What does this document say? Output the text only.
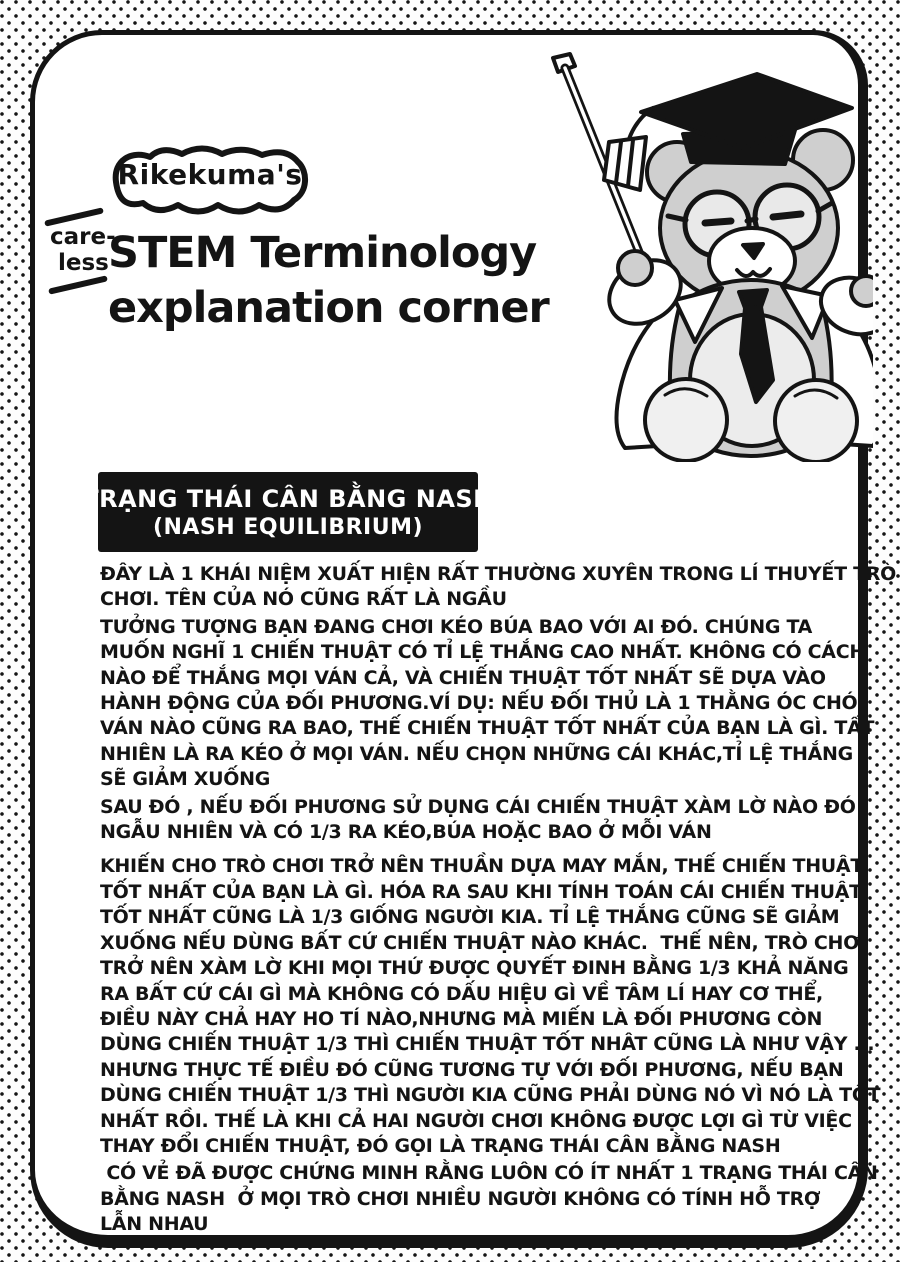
Rikekuma's
care-
less STEM Terminology
explanation corner
TRẠNG THÁI CÂN BẰNG NASH
(NASH EQUILIBRIUM)
ĐÂY LÀ 1 KHÁI NIỆM XUẤT HIỆN RẤT THƯỜNG XUYÊN TRONG LÍ THUYẾT TRÒ
CHƠI. TÊN CỦA NÓ CŨNG RẤT LÀ NGẦU
TƯỞNG TƯỢNG BẠN ĐANG CHƠI KÉO BÚA BAO VỚI AI ĐÓ. CHÚNG TA
MUỐN NGHĨ 1 CHIẾN THUẬT CÓ TỈ LỆ THẮNG CAO NHẤT. KHÔNG CÓ CÁCH
NÀO ĐỂ THẮNG MỌI VÁN CẢ, VÀ CHIẾN THUẬT TỐT NHẤT SẼ DỰA VÀO
HÀNH ĐỘNG CỦA ĐỐI PHƯƠNG.VÍ DỤ: NẾU ĐỐI THỦ LÀ 1 THẰNG ÓC CHÓ,
VÁN NÀO CŨNG RA BAO, THẾ CHIẾN THUẬT TỐT NHẤT CỦA BẠN LÀ GÌ. TẤT
NHIÊN LÀ RA KÉO Ở MỌI VÁN. NẾU CHỌN NHỮNG CÁI KHÁC,TỈ LỆ THẮNG
SẼ GIẢM XUỐNG
SAU ĐÓ , NẾU ĐỐI PHƯƠNG SỬ DỤNG CÁI CHIẾN THUẬT XÀM LỜ NÀO ĐÓ
NGẪU NHIÊN VÀ CÓ 1/3 RA KÉO,BÚA HOẶC BAO Ở MỖI VÁN
KHIẾN CHO TRÒ CHƠI TRỞ NÊN THUẦN DỰA MAY MẮN, THẾ CHIẾN THUẬT
TỐT NHẤT CỦA BẠN LÀ GÌ. HÓA RA SAU KHI TÍNH TOÁN CÁI CHIẾN THUẬT
TỐT NHẤT CŨNG LÀ 1/3 GIỐNG NGƯỜI KIA. TỈ LỆ THẮNG CŨNG SẼ GIẢM
XUỐNG NẾU DÙNG BẤT CỨ CHIẾN THUẬT NÀO KHÁC.  THẾ NÊN, TRÒ CHƠI
TRỞ NÊN XÀM LỜ KHI MỌI THỨ ĐƯỢC QUYẾT ĐINH BẰNG 1/3 KHẢ NĂNG
RA BẤT CỨ CÁI GÌ MÀ KHÔNG CÓ DẤU HIỆU GÌ VỀ TÂM LÍ HAY CƠ THỂ,
ĐIỀU NÀY CHẢ HAY HO TÍ NÀO,NHƯNG MÀ MIẾN LÀ ĐỐI PHƯƠNG CÒN
DÙNG CHIẾN THUẬT 1/3 THÌ CHIẾN THUẬT TỐT NHÂT CŨNG LÀ NHƯ VẬY ...
NHƯNG THỰC TẾ ĐIỀU ĐÓ CŨNG TƯƠNG TỰ VỚI ĐỐI PHƯƠNG, NẾU BẠN
DÙNG CHIẾN THUẬT 1/3 THÌ NGƯỜI KIA CŨNG PHẢI DÙNG NÓ VÌ NÓ LÀ TỐT
NHẤT RỒI. THẾ LÀ KHI CẢ HAI NGƯỜI CHƠI KHÔNG ĐƯỢC LỢI GÌ TỪ VIỆC
THAY ĐỔI CHIẾN THUẬT, ĐÓ GỌI LÀ TRẠNG THÁI CÂN BẰNG NASH
CÓ VẺ ĐÃ ĐƯỢC CHỨNG MINH RẰNG LUÔN CÓ ÍT NHẤT 1 TRẠNG THÁI CÂN
BẰNG NASH  Ở MỌI TRÒ CHƠI NHIỀU NGƯỜI KHÔNG CÓ TÍNH HỖ TRỢ
LẪN NHAU
